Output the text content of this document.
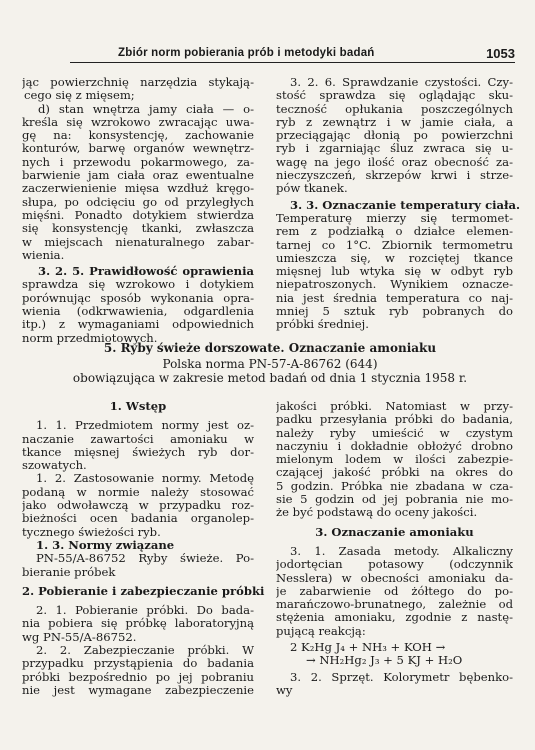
Zbiór norm pobierania prób i metodyki badań	1053
jąc powierzchnię narzędzia stykają-
cego się z mięsem;
d) stan wnętrza jamy ciała — o-
kreśla się wzrokowo zwracając uwa-
gę na: konsystencję, zachowanie
konturów, barwę organów wewnętrz-
nych i przewodu pokarmowego, za-
barwienie jam ciała oraz ewentualne
zaczerwienienie mięsa wzdłuż kręgo-
słupa, po odcięciu go od przyległych
mięśni. Ponadto dotykiem stwierdza
się konsystencję tkanki, zwłaszcza
w miejscach nienaturalnego zabar-
wienia.
3. 2. 5. Prawidłowość oprawienia
sprawdza się wzrokowo i dotykiem
porównując sposób wykonania opra-
wienia (odkrwawienia, odgardlenia
itp.) z wymaganiami odpowiednich
norm przedmiotowych.
3. 2. 6. Sprawdzanie czystości. Czy-
stość sprawdza się oglądając sku-
teczność opłukania poszczególnych
ryb z zewnątrz i w jamie ciała, a
przeciągając dłonią po powierzchni
ryb i zgarniając śluz zwraca się u-
wagę na jego ilość oraz obecność za-
nieczyszczeń, skrzepów krwi i strze-
pów tkanek.
3. 3. Oznaczanie temperatury ciała.
Temperaturę mierzy się termomet-
rem z podziałką o działce elemen-
tarnej co 1°C. Zbiornik termometru
umieszcza się, w rozciętej tkance
mięsnej lub wtyka się w odbyt ryb
niepatroszonych. Wynikiem oznacze-
nia jest średnia temperatura co naj-
mniej 5 sztuk ryb pobranych do
próbki średniej.
5. Ryby świeże dorszowate. Oznaczanie amoniaku
Polska norma PN-57-A-86762 (644)
obowiązująca w zakresie metod badań od dnia 1 stycznia 1958 r.
1. Wstęp
1. 1. Przedmiotem normy jest oz-
naczanie zawartości amoniaku w
tkance mięsnej świeżych ryb dor-
szowatych.
1. 2. Zastosowanie normy. Metodę
podaną w normie należy stosować
jako odwoławczą w przypadku roz-
bieżności ocen badania organolep-
tycznego świeżości ryb.
1. 3. Normy związane
PN-55/A-86752 Ryby świeże. Po-
bieranie próbek
2. Pobieranie i zabezpieczanie próbki
2. 1. Pobieranie próbki. Do bada-
nia pobiera się próbkę laboratoryjną
wg PN-55/A-86752.
2. 2. Zabezpieczanie próbki. W
przypadku przystąpienia do badania
próbki bezpośrednio po jej pobraniu
nie jest wymagane zabezpieczenie
jakości próbki. Natomiast w przy-
padku przesyłania próbki do badania,
należy ryby umieścić w czystym
naczyniu i dokładnie obłożyć drobno
mielonym lodem w ilości zabezpie-
czającej jakość próbki na okres do
5 godzin. Próbka nie zbadana w cza-
sie 5 godzin od jej pobrania nie mo-
że być podstawą do oceny jakości.
3. Oznaczanie amoniaku
3. 1. Zasada metody. Alkaliczny
jodortęcian potasowy (odczynnik
Nesslera) w obecności amoniaku da-
je zabarwienie od żółtego do po-
marańczowo-brunatnego, zależnie od
stężenia amoniaku, zgodnie z nastę-
pującą reakcją:
2 K₂Hg J₄ + NH₃ + KOH →
→ NH₂Hg₂ J₃ + 5 KJ + H₂O
3. 2. Sprzęt. Kolorymetr bębenko-
wy
